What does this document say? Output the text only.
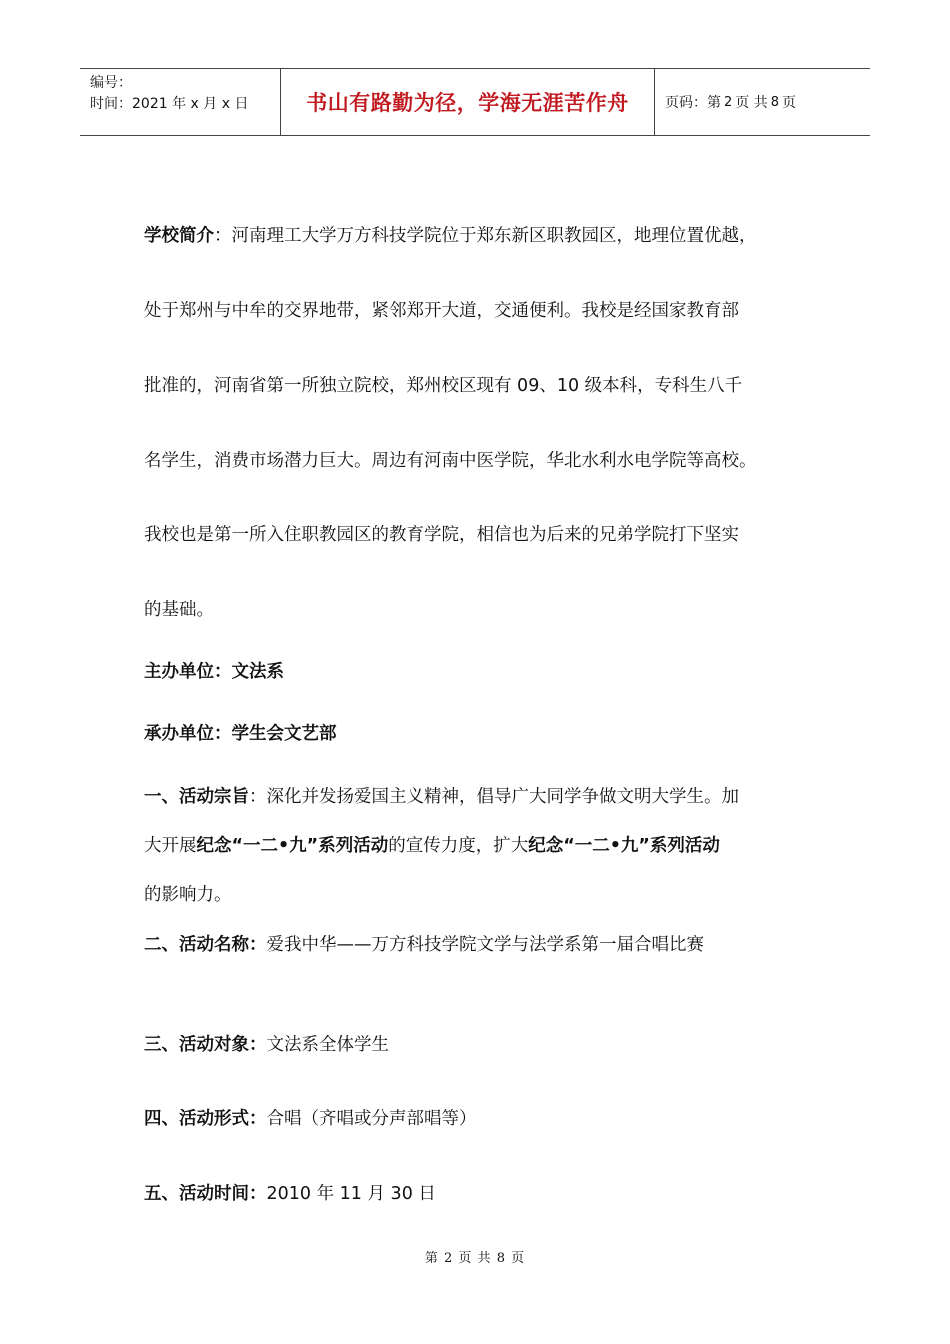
编号：
时间：2021 年 x 月 x 日	书山有路勤为径，学海无涯苦作舟	页码：第 2 页 共 8 页
学校简介：河南理工大学万方科技学院位于郑东新区职教园区，地理位置优越，
处于郑州与中牟的交界地带，紧邻郑开大道，交通便利。我校是经国家教育部
批准的，河南省第一所独立院校，郑州校区现有 09、10 级本科，专科生八千
名学生，消费市场潜力巨大。周边有河南中医学院，华北水利水电学院等高校。
我校也是第一所入住职教园区的教育学院，相信也为后来的兄弟学院打下坚实
的基础。
主办单位：文法系
承办单位：学生会文艺部
一、活动宗旨：深化并发扬爱国主义精神，倡导广大同学争做文明大学生。加
大开展纪念“一二•九”系列活动的宣传力度，扩大纪念“一二•九”系列活动
的影响力。
二、活动名称：爱我中华——万方科技学院文学与法学系第一届合唱比赛
三、活动对象：文法系全体学生
四、活动形式：合唱（齐唱或分声部唱等）
五、活动时间：2010 年 11 月 30 日
第 2 页 共 8 页
